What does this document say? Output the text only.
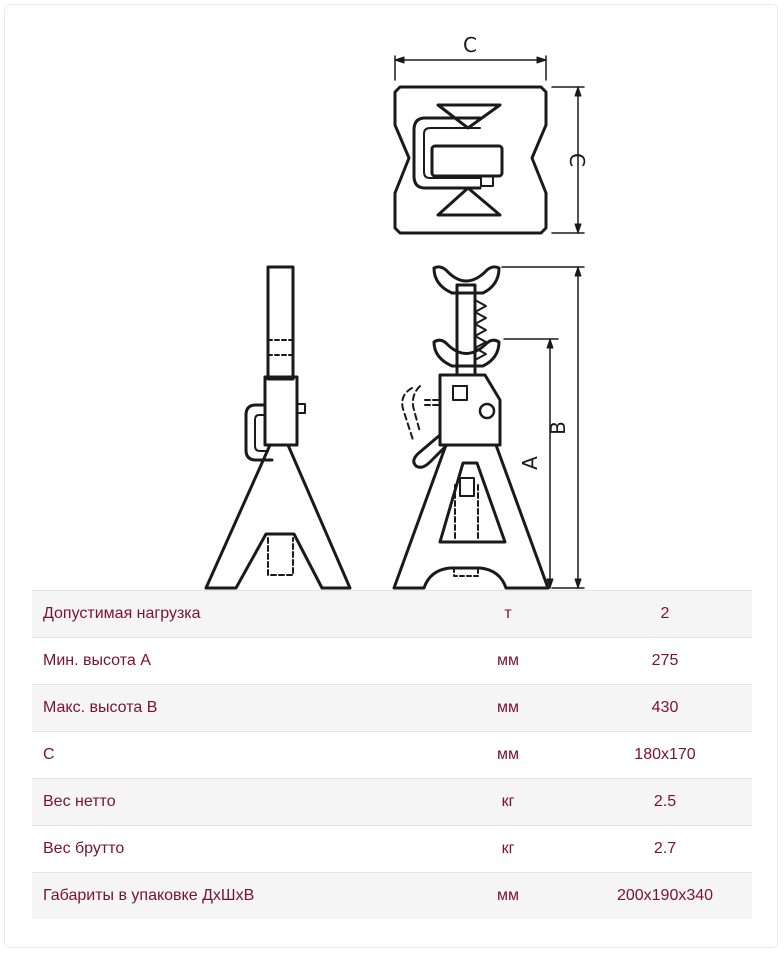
C
C
A
B
Допустимая нагрузка	т	2
Мин. высота А	мм	275
Макс. высота В	мм	430
С	мм	180х170
Вес нетто	кг	2.5
Вес брутто	кг	2.7
Габариты в упаковке ДхШхВ	мм	200х190х340
